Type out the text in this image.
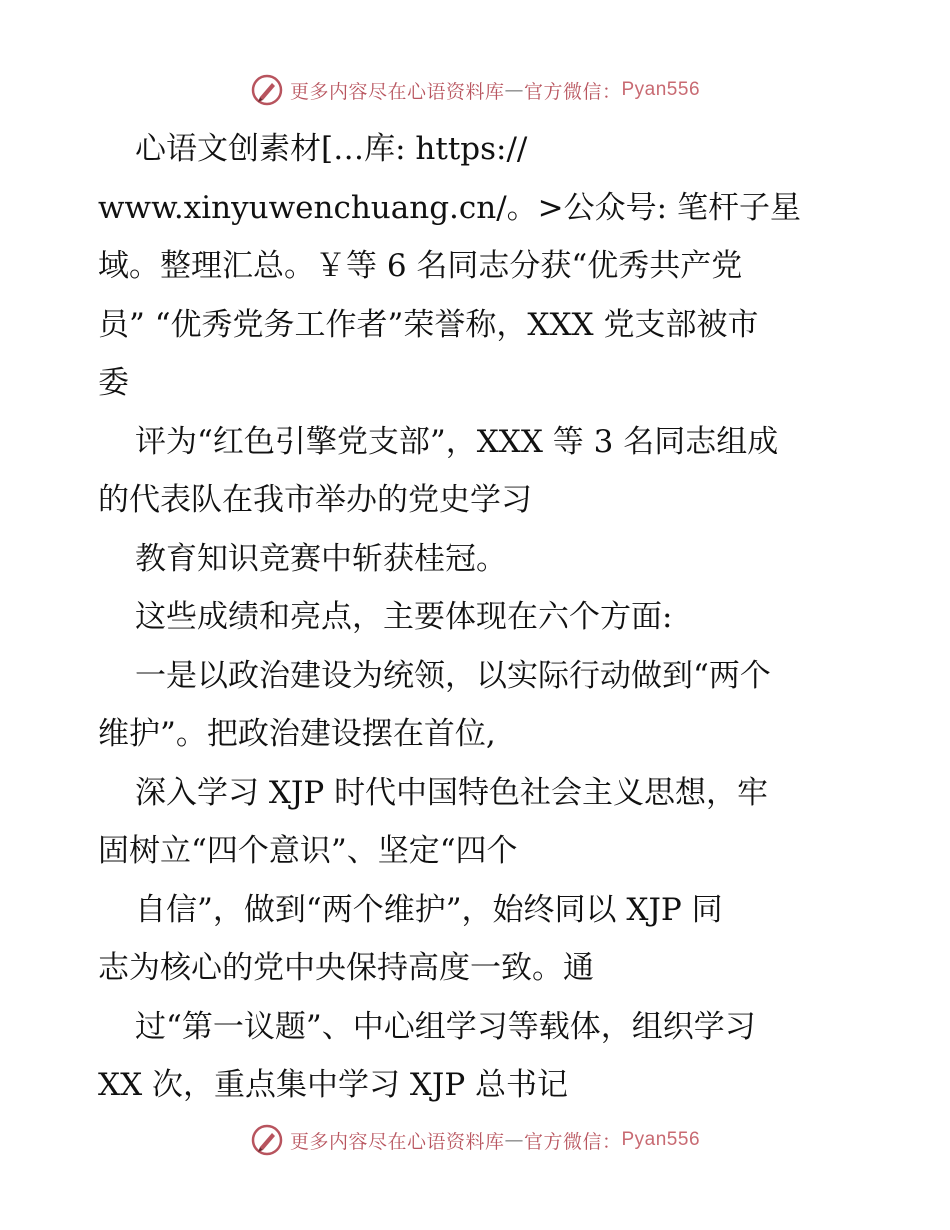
更多内容尽在心语资料库 — 官方微信： Pyan556
心语文创素材[…库: https://
www.xinyuwenchuang.cn/。>公众号: 笔杆子星
域。整理汇总。￥等 6 名同志分获“优秀共产党
员” “优秀党务工作者”荣誉称，XXX 党支部被市
委
评为“红色引擎党支部”，XXX 等 3 名同志组成
的代表队在我市举办的党史学习
教育知识竞赛中斩获桂冠。
这些成绩和亮点，主要体现在六个方面:
一是以政治建设为统领，以实际行动做到“两个
维护”。把政治建设摆在首位,
深入学习 XJP 时代中国特色社会主义思想，牢
固树立“四个意识”、坚定“四个
自信”，做到“两个维护”，始终同以 XJP 同
志为核心的党中央保持高度一致。通
过“第一议题”、中心组学习等载体，组织学习
XX 次，重点集中学习 XJP 总书记
更多内容尽在心语资料库 — 官方微信： Pyan556
